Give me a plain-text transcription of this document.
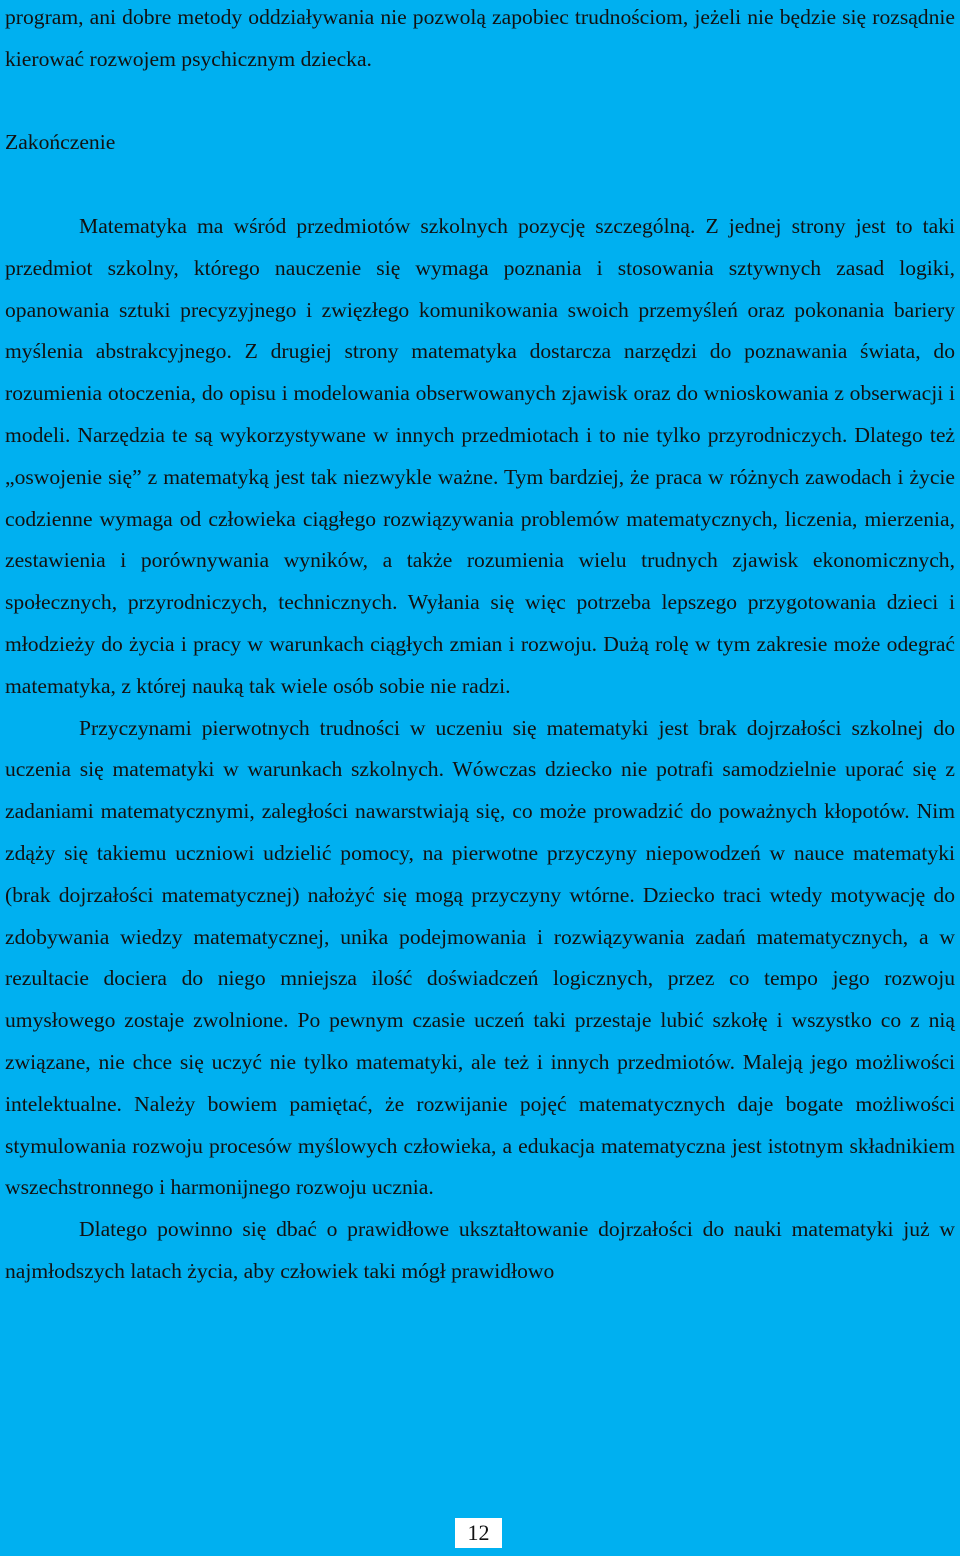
program, ani dobre metody oddziaływania nie pozwolą zapobiec trudnościom, jeżeli nie będzie się rozsądnie kierować rozwojem psychicznym dziecka.

Zakończenie

Matematyka ma wśród przedmiotów szkolnych pozycję szczególną. Z jednej strony jest to taki przedmiot szkolny, którego nauczenie się wymaga poznania i stosowania sztywnych zasad logiki, opanowania sztuki precyzyjnego i zwięzłego komunikowania swoich przemyśleń oraz pokonania bariery myślenia abstrakcyjnego. Z drugiej strony matematyka dostarcza narzędzi do poznawania świata, do rozumienia otoczenia, do opisu i modelowania obserwowanych zjawisk oraz do wnioskowania z obserwacji i modeli. Narzędzia te są wykorzystywane w innych przedmiotach i to nie tylko przyrodniczych. Dlatego też „oswojenie się” z matematyką jest tak niezwykle ważne. Tym bardziej, że praca w różnych zawodach i życie codzienne wymaga od człowieka ciągłego rozwiązywania problemów matematycznych, liczenia, mierzenia, zestawienia i porównywania wyników, a także rozumienia wielu trudnych zjawisk ekonomicznych, społecznych, przyrodniczych, technicznych. Wyłania się więc potrzeba lepszego przygotowania dzieci i młodzieży do życia i pracy w warunkach ciągłych zmian i rozwoju. Dużą rolę w tym zakresie może odegrać matematyka, z której nauką tak wiele osób sobie nie radzi.

Przyczynami pierwotnych trudności w uczeniu się matematyki jest brak dojrzałości szkolnej do uczenia się matematyki w warunkach szkolnych. Wówczas dziecko nie potrafi samodzielnie uporać się z zadaniami matematycznymi, zaległości nawarstwiają się, co może prowadzić do poważnych kłopotów. Nim zdąży się takiemu uczniowi udzielić pomocy, na pierwotne przyczyny niepowodzeń w nauce matematyki (brak dojrzałości matematycznej) nałożyć się mogą przyczyny wtórne. Dziecko traci wtedy motywację do zdobywania wiedzy matematycznej, unika podejmowania i rozwiązywania zadań matematycznych, a w rezultacie dociera do niego mniejsza ilość doświadczeń logicznych, przez co tempo jego rozwoju umysłowego zostaje zwolnione. Po pewnym czasie uczeń taki przestaje lubić szkołę i wszystko co z nią związane, nie chce się uczyć nie tylko matematyki, ale też i innych przedmiotów. Maleją jego możliwości intelektualne. Należy bowiem pamiętać, że rozwijanie pojęć matematycznych daje bogate możliwości stymulowania rozwoju procesów myślowych człowieka, a edukacja matematyczna jest istotnym składnikiem wszechstronnego i harmonijnego rozwoju ucznia.

Dlatego powinno się dbać o prawidłowe ukształtowanie dojrzałości do nauki matematyki już w najmłodszych latach życia, aby człowiek taki mógł prawidłowo

12
